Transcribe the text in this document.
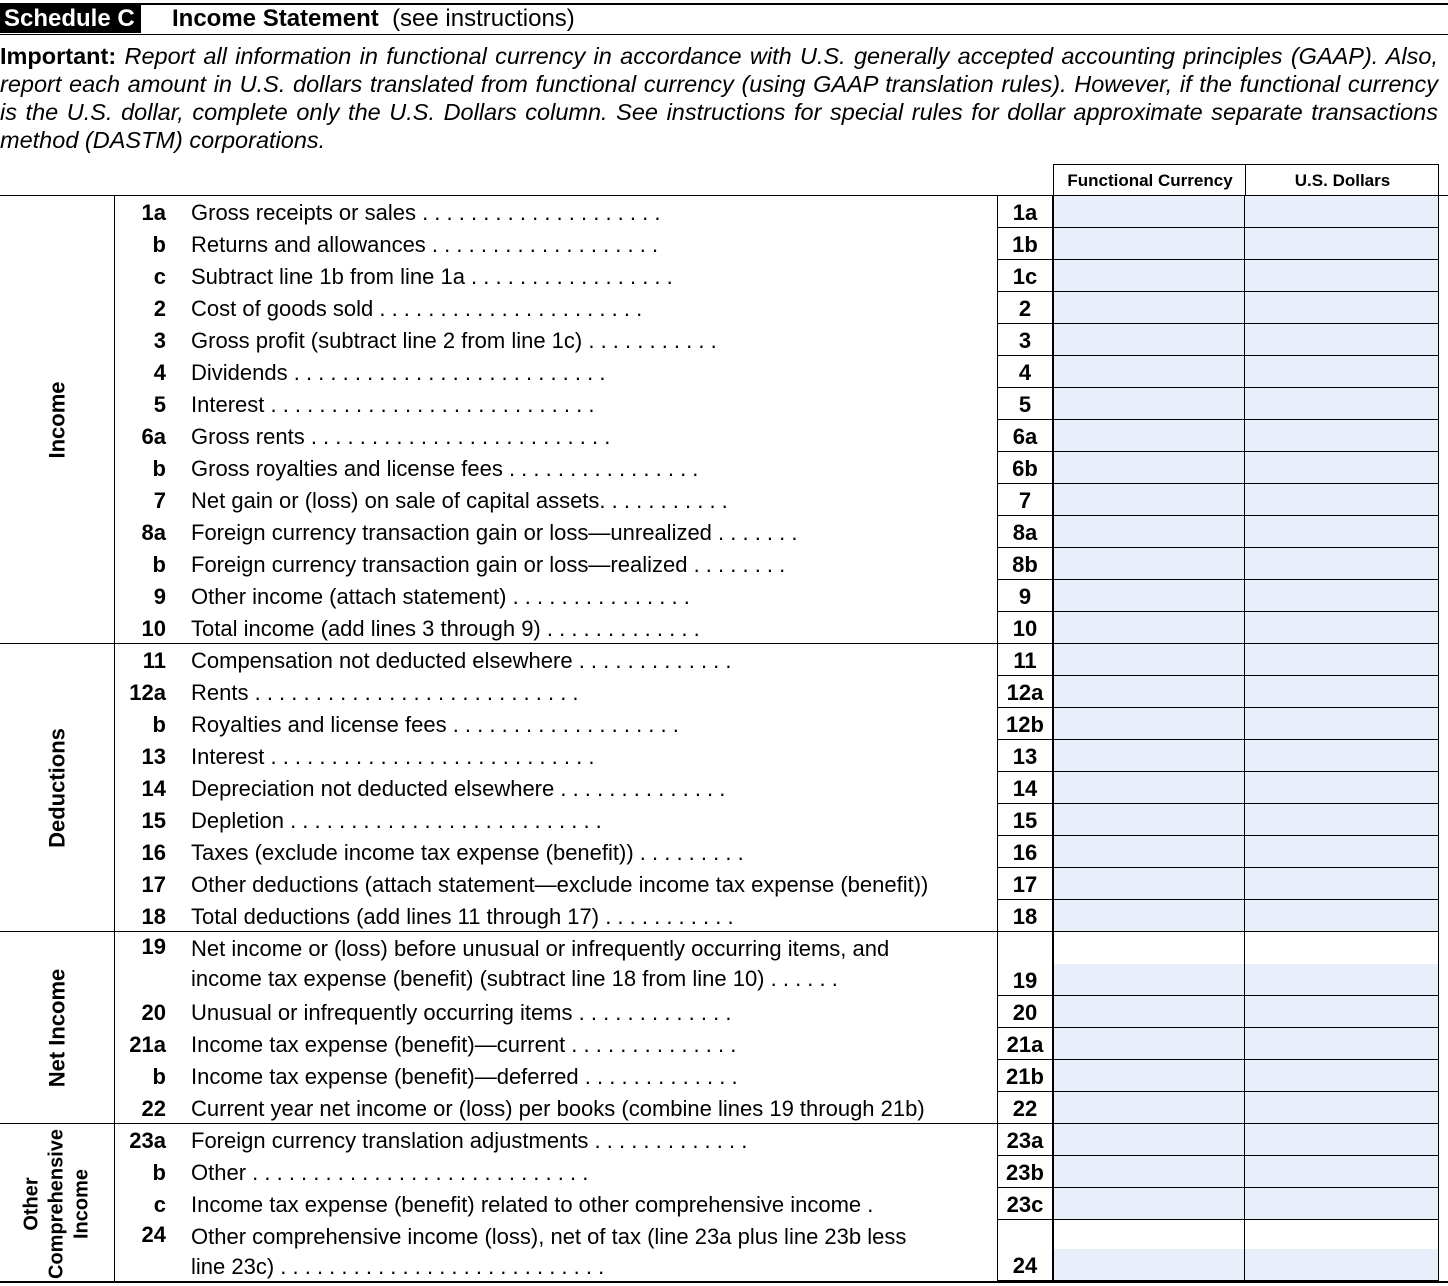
Schedule C Income Statement (see instructions)
Important: Report all information in functional currency in accordance with U.S. generally accepted accounting principles (GAAP). Also, report each amount in U.S. dollars translated from functional currency (using GAAP translation rules). However, if the functional currency is the U.S. dollar, complete only the U.S. Dollars column. See instructions for special rules for dollar approximate separate transactions method (DASTM) corporations.
Functional Currency	U.S. Dollars
Income
Deductions
Net Income
Other Comprehensive Income
1a Gross receipts or sales . . . . . . . . . . . . . . . . . . . .	1a
b Returns and allowances . . . . . . . . . . . . . . . . . . .	1b
c Subtract line 1b from line 1a . . . . . . . . . . . . . . . . .	1c
2 Cost of goods sold . . . . . . . . . . . . . . . . . . . . . .	2
3 Gross profit (subtract line 2 from line 1c) . . . . . . . . . . .	3
4 Dividends . . . . . . . . . . . . . . . . . . . . . . . . . .	4
5 Interest . . . . . . . . . . . . . . . . . . . . . . . . . . .	5
6a Gross rents . . . . . . . . . . . . . . . . . . . . . . . . .	6a
b Gross royalties and license fees . . . . . . . . . . . . . . . .	6b
7 Net gain or (loss) on sale of capital assets. . . . . . . . . . .	7
8a Foreign currency transaction gain or loss—unrealized . . . . . . .	8a
b Foreign currency transaction gain or loss—realized . . . . . . . .	8b
9 Other income (attach statement) . . . . . . . . . . . . . . .	9
10 Total income (add lines 3 through 9) . . . . . . . . . . . . .	10
11 Compensation not deducted elsewhere . . . . . . . . . . . . .	11
12a Rents . . . . . . . . . . . . . . . . . . . . . . . . . . .	12a
b Royalties and license fees . . . . . . . . . . . . . . . . . . .	12b
13 Interest . . . . . . . . . . . . . . . . . . . . . . . . . . .	13
14 Depreciation not deducted elsewhere . . . . . . . . . . . . . .	14
15 Depletion . . . . . . . . . . . . . . . . . . . . . . . . . .	15
16 Taxes (exclude income tax expense (benefit)) . . . . . . . . .	16
17 Other deductions (attach statement—exclude income tax expense (benefit))	17
18 Total deductions (add lines 11 through 17) . . . . . . . . . . .	18
19 Net income or (loss) before unusual or infrequently occurring items, and
income tax expense (benefit) (subtract line 18 from line 10) . . . . . .	19
20 Unusual or infrequently occurring items . . . . . . . . . . . . .	20
21a Income tax expense (benefit)—current . . . . . . . . . . . . . .	21a
b Income tax expense (benefit)—deferred . . . . . . . . . . . . .	21b
22 Current year net income or (loss) per books (combine lines 19 through 21b)	22
23a Foreign currency translation adjustments . . . . . . . . . . . . .	23a
b Other . . . . . . . . . . . . . . . . . . . . . . . . . . . .	23b
c Income tax expense (benefit) related to other comprehensive income .	23c
24 Other comprehensive income (loss), net of tax (line 23a plus line 23b less
line 23c) . . . . . . . . . . . . . . . . . . . . . . . . . . .	24
